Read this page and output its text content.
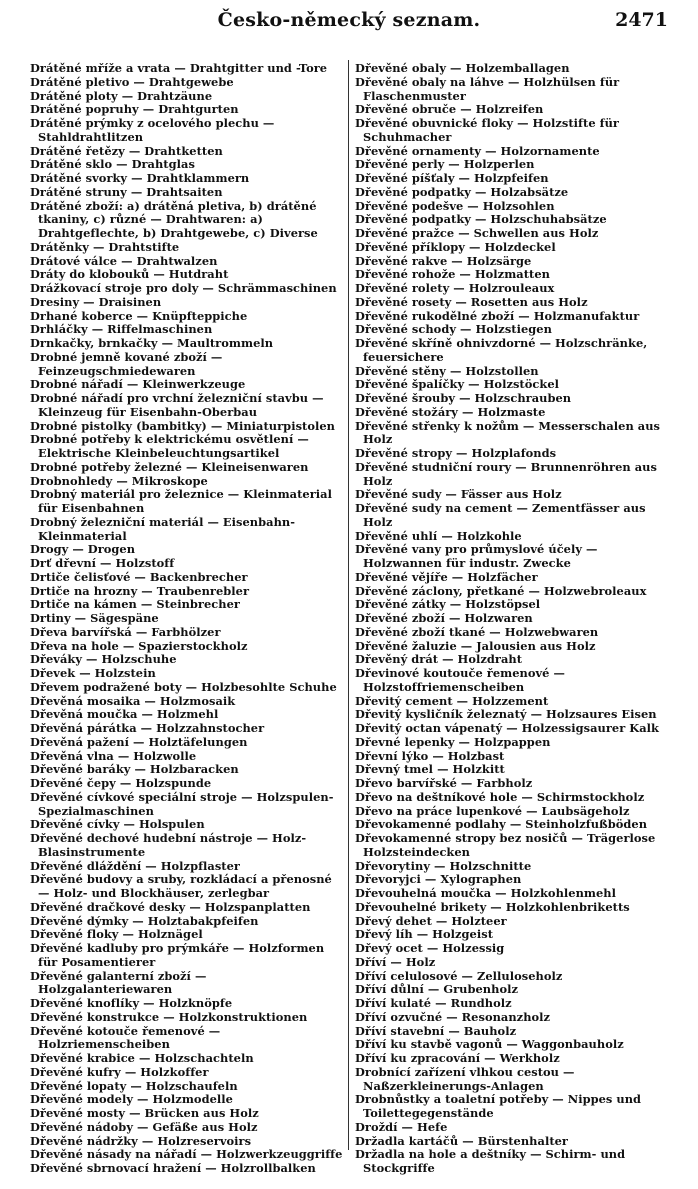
Česko-německý seznam.	2471
Drátěné mříže a vrata — Drahtgitter und -Tore
Drátěné pletivo — Drahtgewebe
Drátěné ploty — Drahtzäune
Drátěné popruhy — Drahtgurten
Drátěné prýmky z ocelového plechu — Stahldrahtlitzen
Drátěné řetězy — Drahtketten
Drátěné sklo — Drahtglas
Drátěné svorky — Drahtklammern
Drátěné struny — Drahtsaiten
Drátěné zboží: a) drátěná pletiva, b) drátěné tkaniny, c) různé — Drahtwaren: a) Drahtgeflechte, b) Drahtgewebe, c) Diverse
Drátěnky — Drahtstifte
Drátové válce — Drahtwalzen
Dráty do klobouků — Hutdraht
Drážkovací stroje pro doly — Schrämmaschinen
Dresiny — Draisinen
Drhané koberce — Knüpfteppiche
Drhláčky — Riffelmaschinen
Drnkačky, brnkačky — Maultrommeln
Drobné jemně kované zboží — Feinzeugschmiedewaren
Drobné nářadí — Kleinwerkzeuge
Drobné nářadí pro vrchní železniční stavbu — Kleinzeug für Eisenbahn-Oberbau
Drobné pistolky (bambitky) — Miniaturpistolen
Drobné potřeby k elektrickému osvětlení — Elektrische Kleinbeleuchtungsartikel
Drobné potřeby železné — Kleineisenwaren
Drobnohledy — Mikroskope
Drobný materiál pro železnice — Kleinmaterial für Eisenbahnen
Drobný železniční materiál — Eisenbahn-Kleinmaterial
Drogy — Drogen
Drť dřevní — Holzstoff
Drtiče čelisťové — Backenbrecher
Drtiče na hrozny — Traubenrebler
Drtiče na kámen — Steinbrecher
Drtiny — Sägespäne
Dřeva barvířská — Farbhölzer
Dřeva na hole — Spazierstockholz
Dřeváky — Holzschuhe
Dřevek — Holzstein
Dřevem podražené boty — Holzbesohlte Schuhe
Dřevěná mosaika — Holzmosaik
Dřevěná moučka — Holzmehl
Dřevěná párátka — Holzzahnstocher
Dřevěná pažení — Holztäfelungen
Dřevěná vlna — Holzwolle
Dřevěné baráky — Holzbaracken
Dřevěné čepy — Holzspunde
Dřevěné cívkové speciální stroje — Holzspulen-Spezialmaschinen
Dřevěné cívky — Holspulen
Dřevěné dechové hudební nástroje — Holz-Blasinstrumente
Dřevěné dláždění — Holzpflaster
Dřevěné budovy a sruby, rozkládací a přenosné — Holz- und Blockhäuser, zerlegbar
Dřevěné dračkové desky — Holzspanplatten
Dřevěné dýmky — Holztabakpfeifen
Dřevěné floky — Holznägel
Dřevěné kadluby pro prýmkáře — Holzformen für Posamentierer
Dřevěné galanterní zboží — Holzgalanteriewaren
Dřevěné knoflíky — Holzknöpfe
Dřevěné konstrukce — Holzkonstruktionen
Dřevěné kotouče řemenové — Holzriemenscheiben
Dřevěné krabice — Holzschachteln
Dřevěné kufry — Holzkoffer
Dřevěné lopaty — Holzschaufeln
Dřevěné modely — Holzmodelle
Dřevěné mosty — Brücken aus Holz
Dřevěné nádoby — Gefäße aus Holz
Dřevěné nádržky — Holzreservoirs
Dřevěné násady na nářadí — Holzwerkzeuggriffe
Dřevěné sbrnovací hražení — Holzrollbalken
Dřevěné obaly — Holzemballagen
Dřevěné obaly na láhve — Holzhülsen für Flaschenmuster
Dřevěné obruče — Holzreifen
Dřevěné obuvnické floky — Holzstifte für Schuhmacher
Dřevěné ornamenty — Holzornamente
Dřevěné perly — Holzperlen
Dřevěné píšťaly — Holzpfeifen
Dřevěné podpatky — Holzabsätze
Dřevěné podešve — Holzsohlen
Dřevěné podpatky — Holzschuhabsätze
Dřevěné pražce — Schwellen aus Holz
Dřevěné příklopy — Holzdeckel
Dřevěné rakve — Holzsärge
Dřevěné rohože — Holzmatten
Dřevěné rolety — Holzrouleaux
Dřevěné rosety — Rosetten aus Holz
Dřevěné rukodělné zboží — Holzmanufaktur
Dřevěné schody — Holzstiegen
Dřevěné skříně ohnivzdorné — Holzschränke, feuersichere
Dřevěné stěny — Holzstollen
Dřevěné špalíčky — Holzstöckel
Dřevěné šrouby — Holzschrauben
Dřevěné stožáry — Holzmaste
Dřevěné střenky k nožům — Messerschalen aus Holz
Dřevěné stropy — Holzplafonds
Dřevěné studniční roury — Brunnenröhren aus Holz
Dřevěné sudy — Fässer aus Holz
Dřevěné sudy na cement — Zementfässer aus Holz
Dřevěné uhlí — Holzkohle
Dřevěné vany pro průmyslové účely — Holzwannen für industr. Zwecke
Dřevěné vějíře — Holzfächer
Dřevěné záclony, přetkané — Holzwebroleaux
Dřevěné zátky — Holzstöpsel
Dřevěné zboží — Holzwaren
Dřevěné zboží tkané — Holzwebwaren
Dřevěné žaluzie — Jalousien aus Holz
Dřevěný drát — Holzdraht
Dřevinové koutouče řemenové — Holzstoffriemenscheiben
Dřevitý cement — Holzzement
Dřevitý kysličník železnatý — Holzsaures Eisen
Dřevitý octan vápenatý — Holzessigsaurer Kalk
Dřevné lepenky — Holzpappen
Dřevní lýko — Holzbast
Dřevný tmel — Holzkitt
Dřevo barvířské — Farbholz
Dřevo na deštníkové hole — Schirmstockholz
Dřevo na práce lupenkové — Laubsägeholz
Dřevokamenné podlahy — Steinholzfußböden
Dřevokamenné stropy bez nosičů — Trägerlose Holzsteindecken
Dřevorytiny — Holzschnitte
Dřevoryjci — Xylographen
Dřevouhelná moučka — Holzkohlenmehl
Dřevouhelné brikety — Holzkohlenbriketts
Dřevý dehet — Holzteer
Dřevý líh — Holzgeist
Dřevý ocet — Holzessig
Dříví — Holz
Dříví celulosové — Zelluloseholz
Dříví důlní — Grubenholz
Dříví kulaté — Rundholz
Dříví ozvučné — Resonanzholz
Dříví stavební — Bauholz
Dříví ku stavbě vagonů — Waggonbauholz
Dříví ku zpracování — Werkholz
Drobnící zařízení vlhkou cestou — Naßzerkleinerungs-Anlagen
Drobnůstky a toaletní potřeby — Nippes und Toilettegegenstände
Droždí — Hefe
Držadla kartáčů — Bürstenhalter
Držadla na hole a deštníky — Schirm- und Stockgriffe
